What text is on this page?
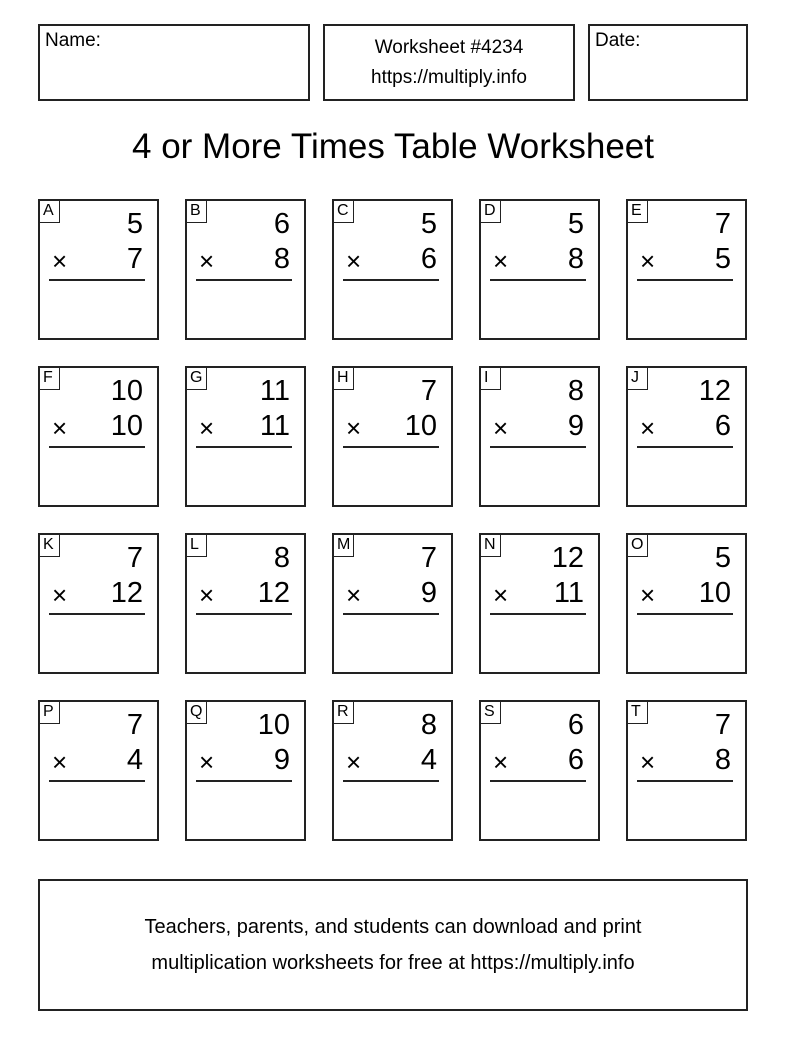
Name:	Worksheet #4234
https://multiply.info
Date:
4 or More Times Table Worksheet
A	5
× 7
B	6
× 8
C 5
× 6
D 5
× 8
E	7
× 5
F 10
× 10
G 11
× 11
H 7
× 10
I	8
× 9
J	12
× 6
K	7
× 12
L	8
× 12
M 7
× 9
N 12
× 11
O 5
× 10
P	7
× 4
Q 10
× 9
R 8
× 4
S	6
× 6
T	7
× 8
Teachers, parents, and students can download and print
multiplication worksheets for free at https://multiply.info
